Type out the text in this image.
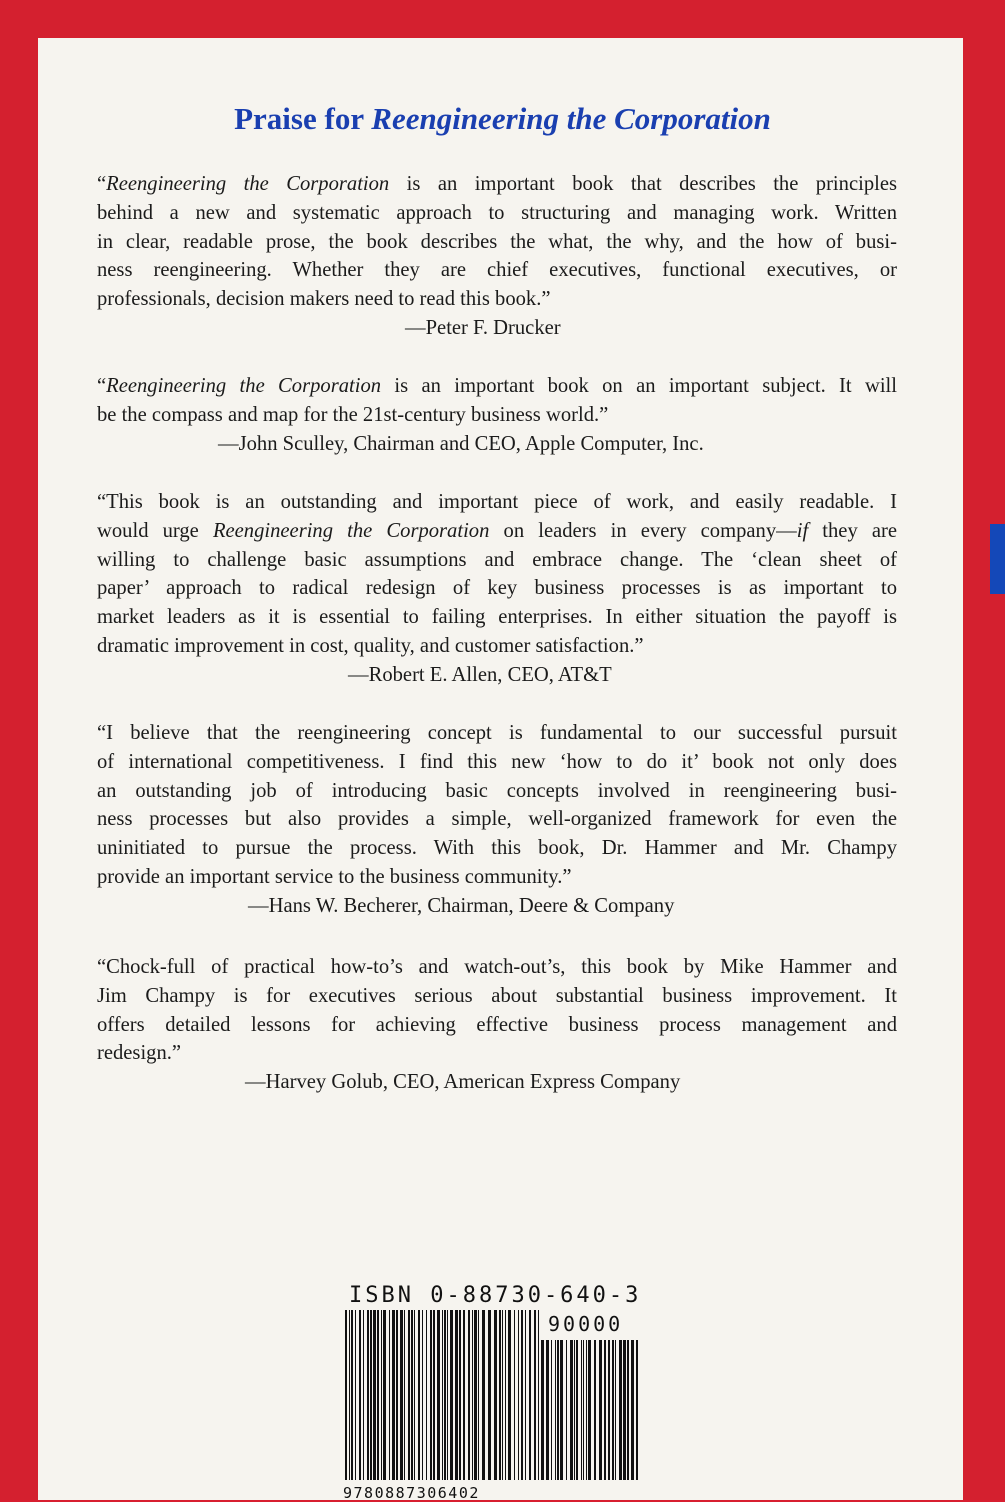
Praise for Reengineering the Corporation
“Reengineering the Corporation is an important book that describes the principles
behind a new and systematic approach to structuring and managing work. Written
in clear, readable prose, the book describes the what, the why, and the how of busi-
ness reengineering. Whether they are chief executives, functional executives, or
professionals, decision makers need to read this book.”
—Peter F. Drucker
“Reengineering the Corporation is an important book on an important subject. It will
be the compass and map for the 21st-century business world.”
—John Sculley, Chairman and CEO, Apple Computer, Inc.
“This book is an outstanding and important piece of work, and easily readable. I
would urge Reengineering the Corporation on leaders in every company—if they are
willing to challenge basic assumptions and embrace change. The ‘clean sheet of
paper’ approach to radical redesign of key business processes is as important to
market leaders as it is essential to failing enterprises. In either situation the payoff is
dramatic improvement in cost, quality, and customer satisfaction.”
—Robert E. Allen, CEO, AT&T
“I believe that the reengineering concept is fundamental to our successful pursuit
of international competitiveness. I find this new ‘how to do it’ book not only does
an outstanding job of introducing basic concepts involved in reengineering busi-
ness processes but also provides a simple, well-organized framework for even the
uninitiated to pursue the process. With this book, Dr. Hammer and Mr. Champy
provide an important service to the business community.”
—Hans W. Becherer, Chairman, Deere & Company
“Chock-full of practical how-to’s and watch-out’s, this book by Mike Hammer and
Jim Champy is for executives serious about substantial business improvement. It
offers detailed lessons for achieving effective business process management and
redesign.”
—Harvey Golub, CEO, American Express Company

ISBN 0-88730-640-3

90000
9780887306402
